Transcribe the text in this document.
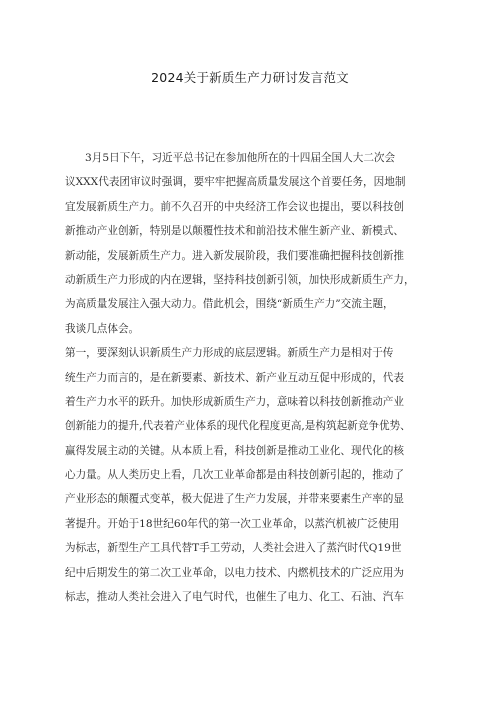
2024关于新质生产力研讨发言范文
3月5日下午，习近平总书记在参加他所在的十四届全国人大二次会
议XXX代表团审议时强调，要牢牢把握高质量发展这个首要任务，因地制
宜发展新质生产力。前不久召开的中央经济工作会议也提出，要以科技创
新推动产业创新，特别是以颠覆性技术和前沿技术催生新产业、新模式、
新动能，发展新质生产力。进入新发展阶段，我们要准确把握科技创新推
动新质生产力形成的内在逻辑，坚持科技创新引领，加快形成新质生产力，
为高质量发展注入强大动力。借此机会，围绕“新质生产力”交流主题，
我谈几点体会。
第一，要深刻认识新质生产力形成的底层逻辑。新质生产力是相对于传
统生产力而言的，是在新要素、新技术、新产业互动互促中形成的，代表
着生产力水平的跃升。加快形成新质生产力，意味着以科技创新推动产业
创新能力的提升,代表着产业体系的现代化程度更高,是构筑起新竞争优势、
赢得发展主动的关键。从本质上看，科技创新是推动工业化、现代化的核
心力量。从人类历史上看，几次工业革命都是由科技创新引起的，推动了
产业形态的颠覆式变革，极大促进了生产力发展，并带来要素生产率的显
著提升。开始于18世纪60年代的第一次工业革命，以蒸汽机被广泛使用
为标志，新型生产工具代替T手工劳动，人类社会进入了蒸汽时代Q19世
纪中后期发生的第二次工业革命，以电力技术、内燃机技术的广泛应用为
标志，推动人类社会进入了电气时代，也催生了电力、化工、石油、汽车
